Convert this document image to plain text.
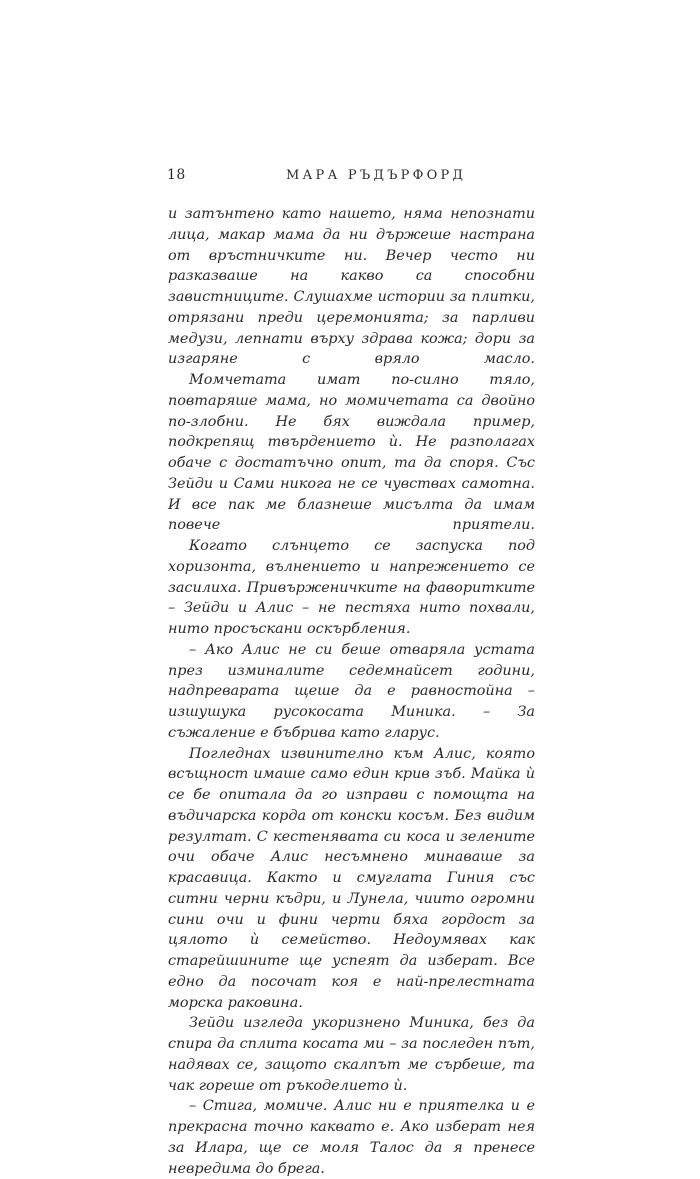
18	МАРА РЪДЪРФОРД

и затънтено като нашето, няма непознати лица, макар мама да ни държеше настрана от връстничките ни. Вечер често ни разказваше на какво са способни завистниците. Слушахме истории за плитки, отрязани преди церемонията; за парливи медузи, лепнати върху здрава кожа; дори за изгаряне с вряло масло.

Момчетата имат по-силно тяло, повтаряше мама, но момичетата са двойно по-злобни. Не бях виждала пример, подкрепящ твърдението ѝ. Не разполагах обаче с достатъчно опит, та да споря. Със Зейди и Сами никога не се чувствах самотна. И все пак ме блазнеше мисълта да имам повече приятели.

Когато слънцето се заспуска под хоризонта, вълнението и напрежението се засилиха. Привърженичките на фаворитките – Зейди и Алис – не пестяха нито похвали, нито просъскани оскърбления.

– Ако Алис не си беше отваряла устата през изминалите седемнайсет години, надпреварата щеше да е равностойна – изшушука русокосата Миника. – За съжаление е бъбрива като гларус.

Погледнах извинително към Алис, която всъщност имаше само един крив зъб. Майка ѝ се бе опитала да го изправи с помощта на въдичарска корда от конски косъм. Без видим резултат. С кестенявата си коса и зелените очи обаче Алис несъмнено минаваше за красавица. Както и смуглата Гиния със ситни черни къдри, и Лунела, чиито огромни сини очи и фини черти бяха гордост за цялото ѝ семейство. Недоумявах как старейшините ще успеят да изберат. Все едно да посочат коя е най-прелестната морска раковина.

Зейди изгледа укоризнено Миника, без да спира да сплита косата ми – за последен път, надявах се, защото скалпът ме сърбеше, та чак гореше от ръкоделието ѝ.

– Стига, момиче. Алис ни е приятелка и е прекрасна точно каквато е. Ако изберат нея за Илара, ще се моля Талос да я пренесе невредима до брега.
